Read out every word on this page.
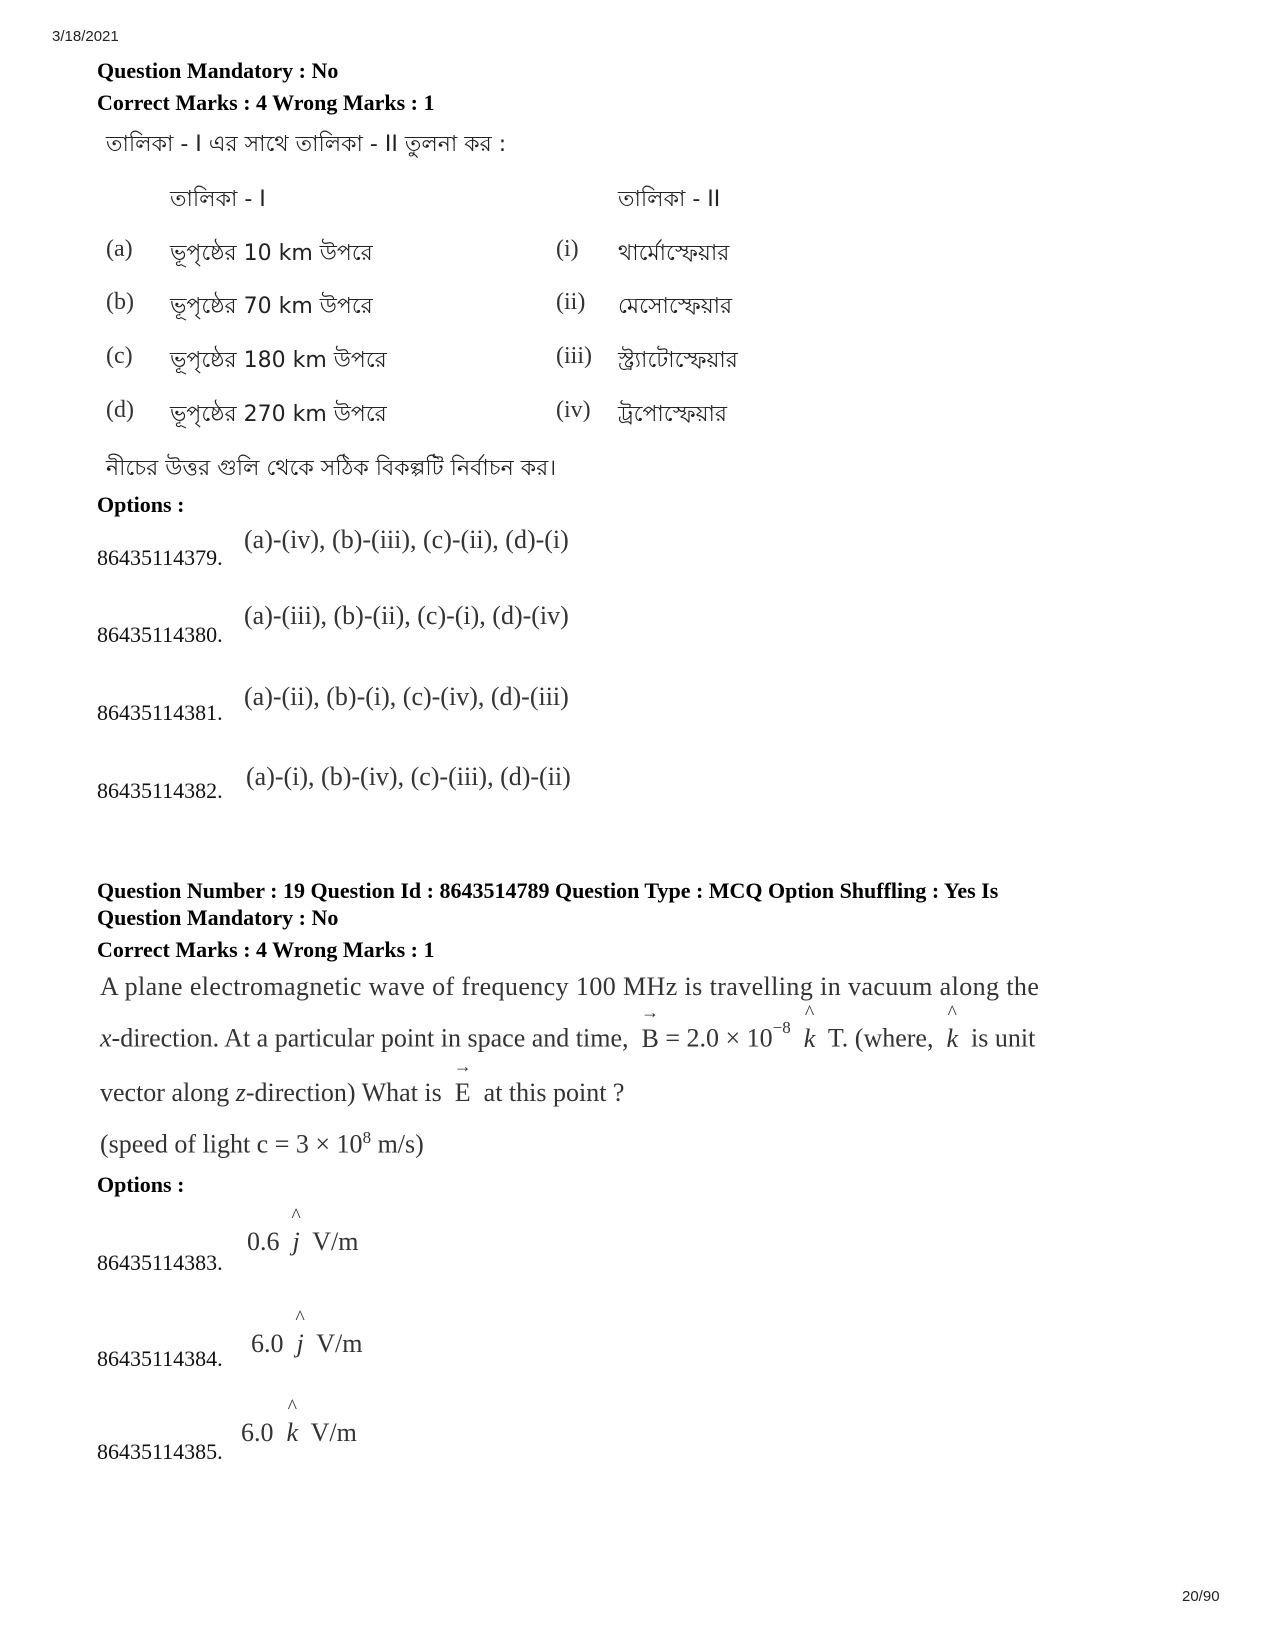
3/18/2021
20/90
Question Mandatory : No
Correct Marks : 4 Wrong Marks : 1
তালিকা - I এর সাথে তালিকা - II তুলনা কর :
তালিকা - I	তালিকা - II
(a) ভূপৃষ্ঠের 10 km উপরে	(i) থার্মোস্ফেয়ার
(b) ভূপৃষ্ঠের 70 km উপরে	(ii) মেসোস্ফেয়ার
(c) ভূপৃষ্ঠের 180 km উপরে	(iii) স্ট্র্যাটোস্ফেয়ার
(d) ভূপৃষ্ঠের 270 km উপরে	(iv) ট্রপোস্ফেয়ার
নীচের উত্তর গুলি থেকে সঠিক বিকল্পটি নির্বাচন কর।
Options :
86435114379.
(a)-(iv), (b)-(iii), (c)-(ii), (d)-(i)
86435114380.
(a)-(iii), (b)-(ii), (c)-(i), (d)-(iv)
86435114381.
(a)-(ii), (b)-(i), (c)-(iv), (d)-(iii)
86435114382. (a)-(i), (b)-(iv), (c)-(iii), (d)-(ii)
Question Number : 19 Question Id : 8643514789 Question Type : MCQ Option Shuffling : Yes Is
Question Mandatory : No
Correct Marks : 4 Wrong Marks : 1
A plane electromagnetic wave of frequency 100 MHz is travelling in vacuum along the
x-direction. At a particular point in space and time, → $B = 2.0 \times 10^{-8}$ ^ k T. (where, ^ k is unit
vector along z-direction) What is → E at this point ?
(speed of light $c = 3 \times 10^8$ m/s)
Options :
86435114383.
0.6 ^ j V/m
86435114384.
6.0 ^ j V/m
86435114385.
6.0 ^ k V/m
